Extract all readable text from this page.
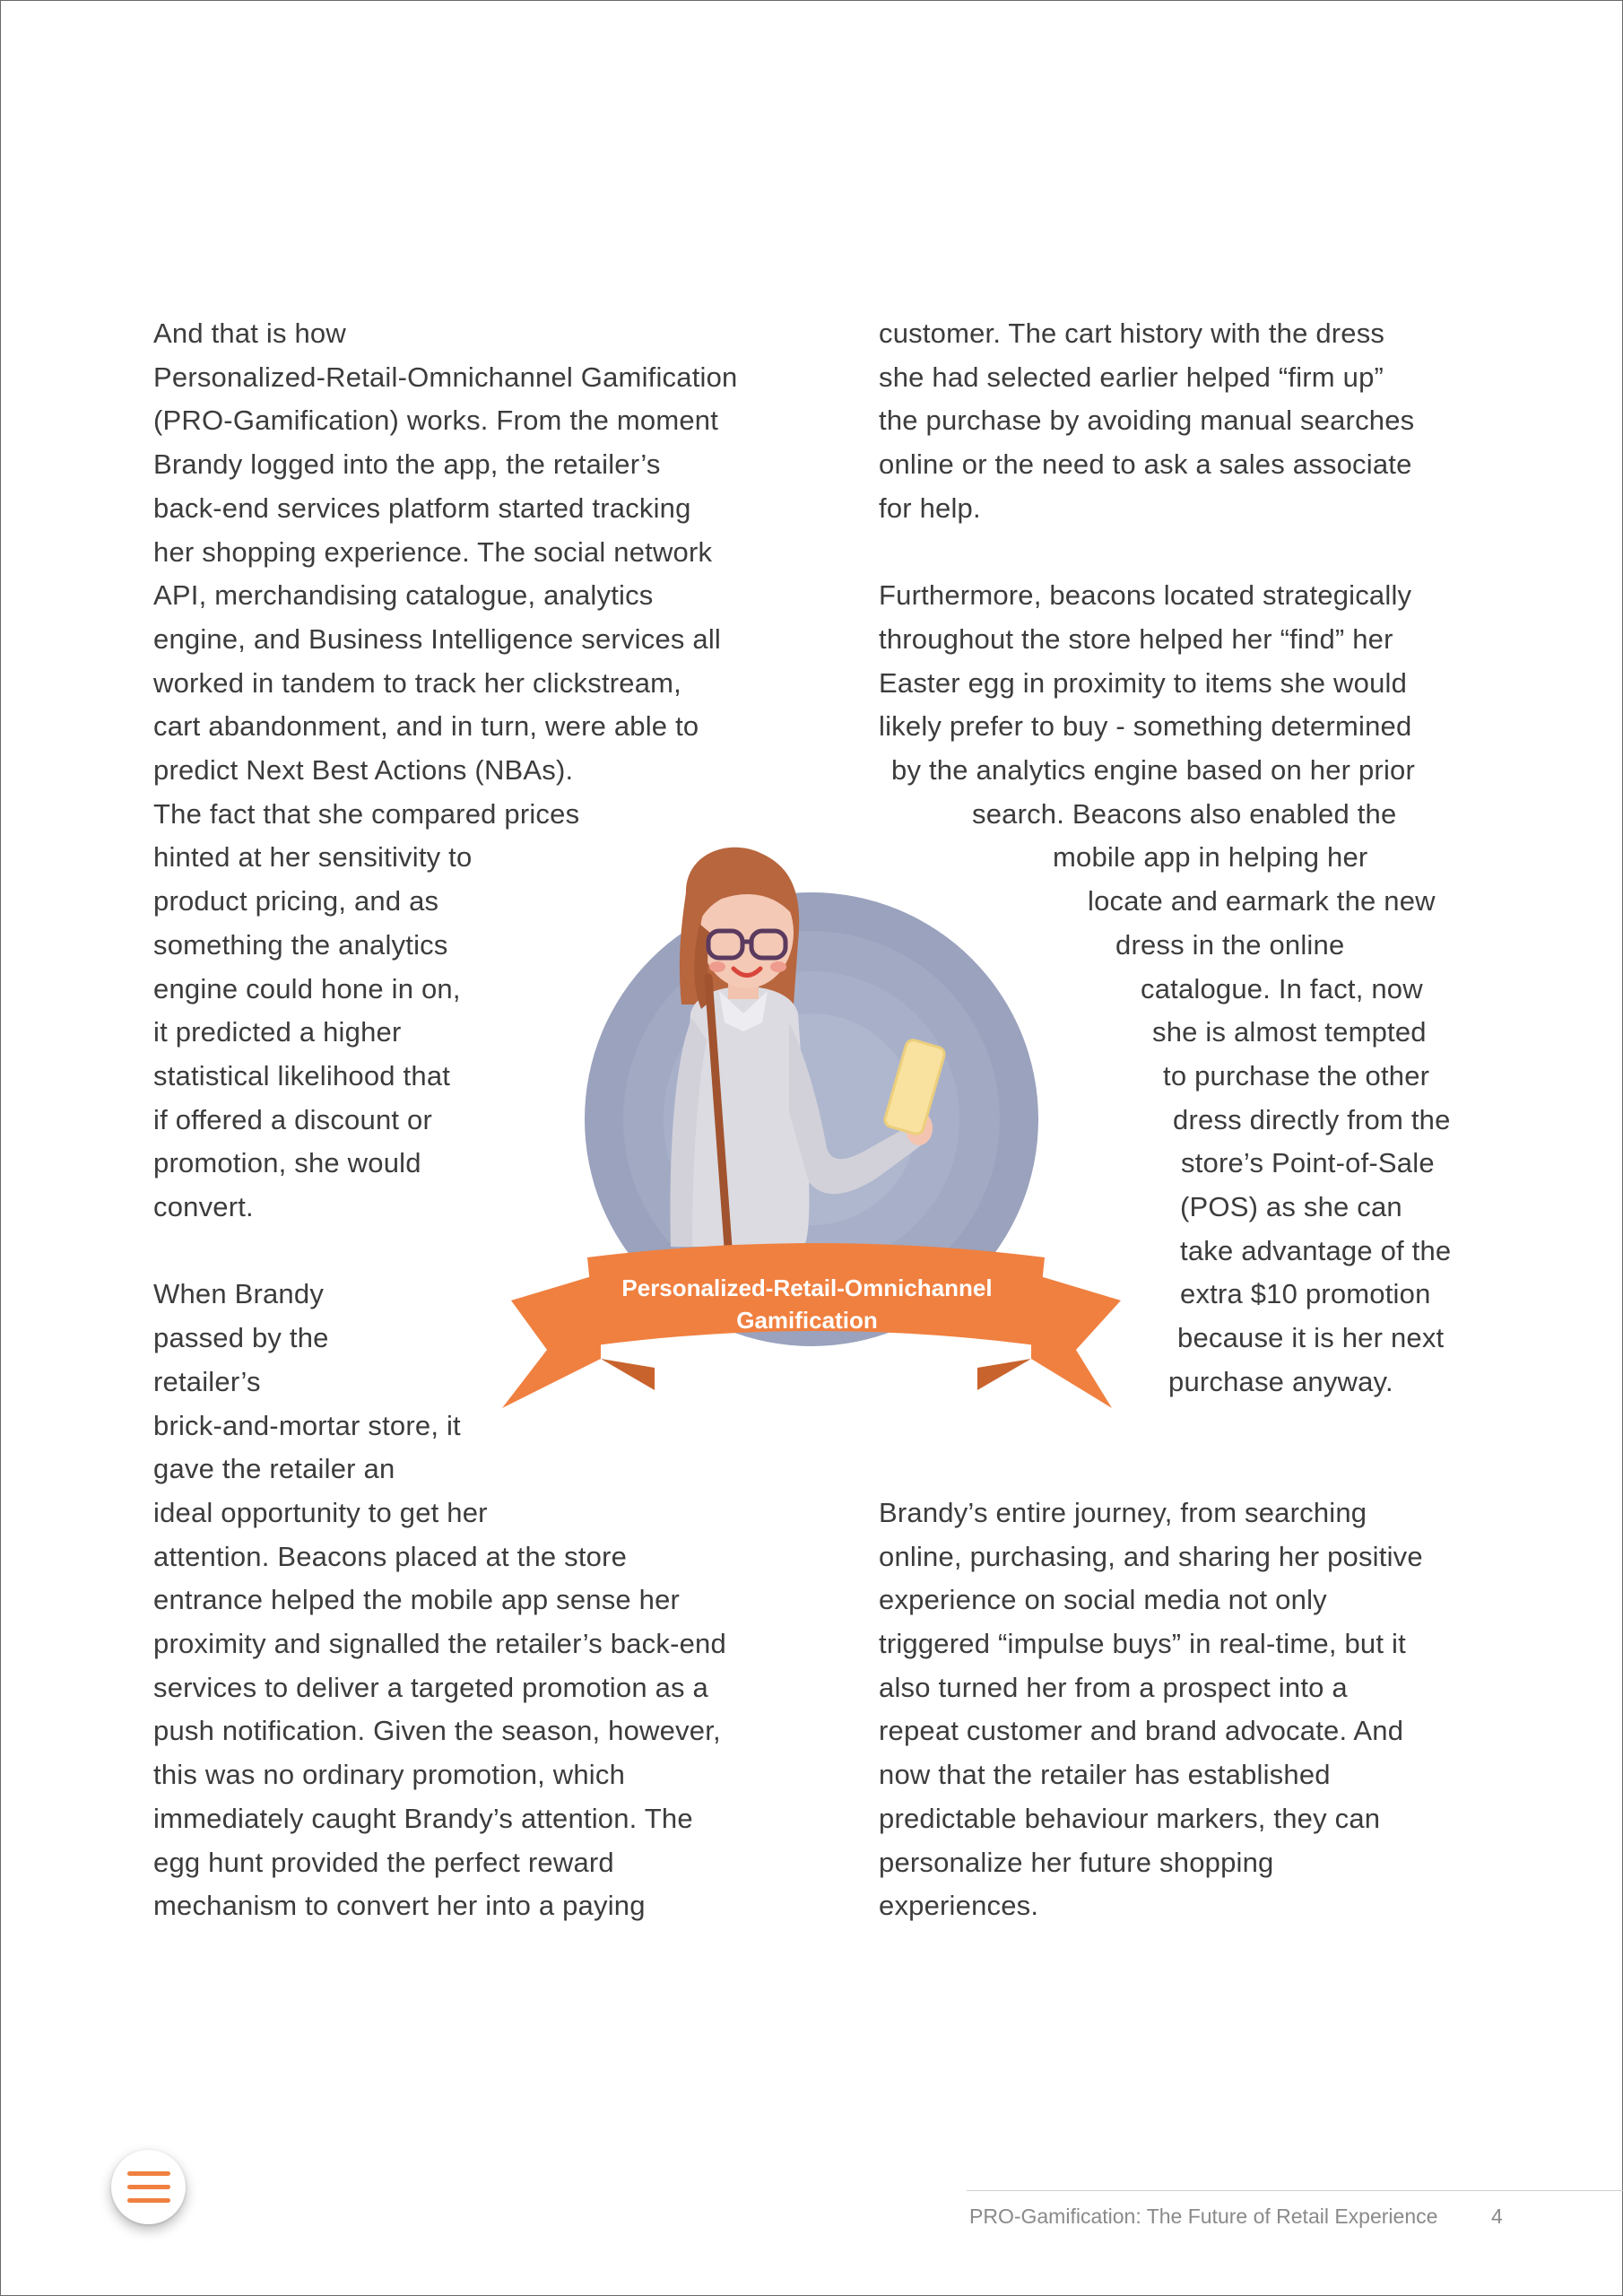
And that is how
Personalized-Retail-Omnichannel Gamification
(PRO-Gamification) works. From the moment
Brandy logged into the app, the retailer’s
back-end services platform started tracking
her shopping experience. The social network
API, merchandising catalogue, analytics
engine, and Business Intelligence services all
worked in tandem to track her clickstream,
cart abandonment, and in turn, were able to
predict Next Best Actions (NBAs).
The fact that she compared prices
hinted at her sensitivity to
product pricing, and as
something the analytics
engine could hone in on,
it predicted a higher
statistical likelihood that
if offered a discount or
promotion, she would
convert.
When Brandy
passed by the
retailer’s
brick-and-mortar store, it
gave the retailer an
ideal opportunity to get her
attention. Beacons placed at the store
entrance helped the mobile app sense her
proximity and signalled the retailer’s back-end
services to deliver a targeted promotion as a
push notification. Given the season, however,
this was no ordinary promotion, which
immediately caught Brandy’s attention. The
egg hunt provided the perfect reward
mechanism to convert her into a paying
customer. The cart history with the dress
she had selected earlier helped “firm up”
the purchase by avoiding manual searches
online or the need to ask a sales associate
for help.
Furthermore, beacons located strategically
throughout the store helped her “find” her
Easter egg in proximity to items she would
likely prefer to buy - something determined
by the analytics engine based on her prior
search. Beacons also enabled the
mobile app in helping her
locate and earmark the new
dress in the online
catalogue. In fact, now
she is almost tempted
to purchase the other
dress directly from the
store’s Point-of-Sale
(POS) as she can
take advantage of the
extra $10 promotion
because it is her next
purchase anyway.
Brandy’s entire journey, from searching
online, purchasing, and sharing her positive
experience on social media not only
triggered “impulse buys” in real-time, but it
also turned her from a prospect into a
repeat customer and brand advocate. And
now that the retailer has established
predictable behaviour markers, they can
personalize her future shopping
experiences.
Personalized-Retail-Omnichannel
Gamification
PRO-Gamification: The Future of Retail Experience	4
